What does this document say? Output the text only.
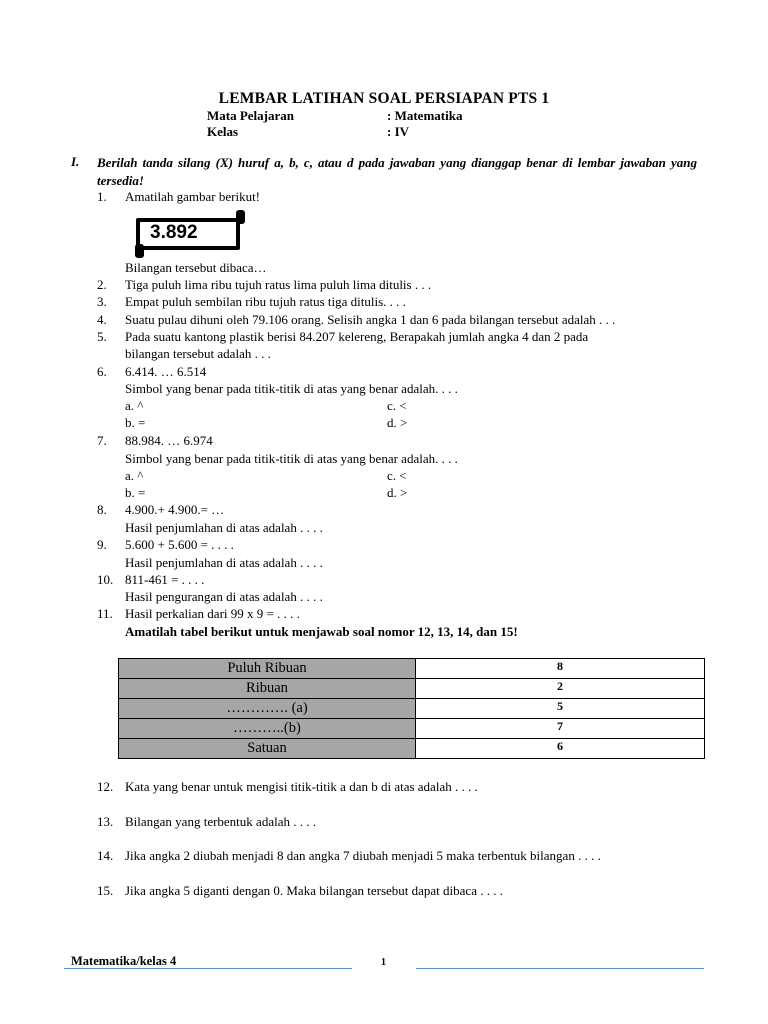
LEMBAR LATIHAN SOAL PERSIAPAN PTS 1
Mata Pelajaran	: Matematika
Kelas	: IV
I. Berilah tanda silang (X) huruf a, b, c, atau d pada jawaban yang dianggap benar di lembar jawaban yang tersedia!
1. Amatilah gambar berikut!
3.892
Bilangan tersebut dibaca…
2. Tiga puluh lima ribu tujuh ratus lima puluh lima ditulis . . .
3. Empat puluh sembilan ribu tujuh ratus tiga ditulis. . . .
4. Suatu pulau dihuni oleh 79.106 orang. Selisih angka 1 dan 6 pada bilangan tersebut adalah . . .
5. Pada suatu kantong plastik berisi 84.207 kelereng, Berapakah jumlah angka 4 dan 2 pada
bilangan tersebut adalah . . .
6. 6.414. … 6.514
Simbol yang benar pada titik-titik di atas yang benar adalah. . . .
a. ^	c. <
b. =	d. >
7. 88.984. … 6.974
Simbol yang benar pada titik-titik di atas yang benar adalah. . . .
a. ^	c. <
b. =	d. >
8. 4.900.+ 4.900.= …
Hasil penjumlahan di atas adalah . . . .
9. 5.600 + 5.600 = . . . .
Hasil penjumlahan di atas adalah . . . .
10. 811-461 = . . . .
Hasil pengurangan di atas adalah . . . .
11. Hasil perkalian dari 99 x 9 = . . . .
Amatilah tabel berikut untuk menjawab soal nomor 12, 13, 14, dan 15!
Puluh Ribuan	8
Ribuan	2
…………. (a)	5
………..(b)	7
Satuan	6
12. Kata yang benar untuk mengisi titik-titik a dan b di atas adalah . . . .
13. Bilangan yang terbentuk adalah . . . .
14. Jika angka 2 diubah menjadi 8 dan angka 7 diubah menjadi 5 maka terbentuk bilangan . . . .
15. Jika angka 5 diganti dengan 0. Maka bilangan tersebut dapat dibaca . . . .
Matematika/kelas 4	1
